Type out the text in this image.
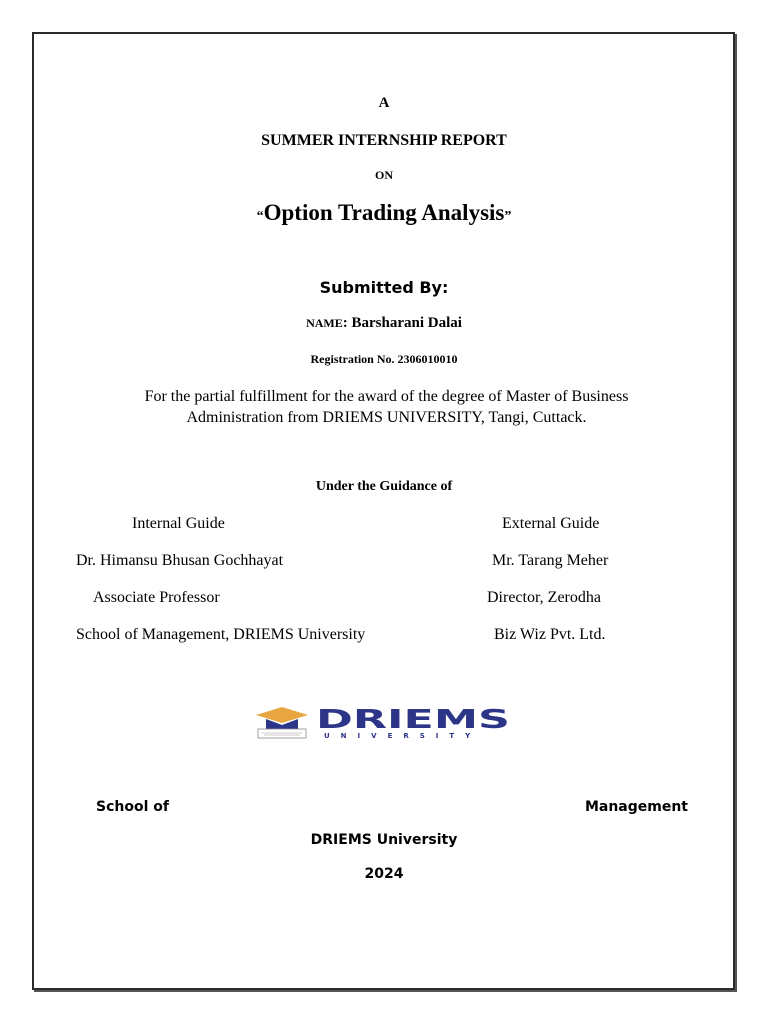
A
SUMMER INTERNSHIP REPORT
ON
“Option Trading Analysis”
Submitted By:
NAME: Barsharani Dalai
Registration No. 2306010010
For the partial fulfillment for the award of the degree of Master of Business Administration from DRIEMS UNIVERSITY, Tangi, Cuttack.
Under the Guidance of
Internal Guide
Dr. Himansu Bhusan Gochhayat
Associate Professor
School of Management, DRIEMS University
External Guide
Mr. Tarang Meher
Director, Zerodha
Biz Wiz Pvt. Ltd.
DRIEMS
UNIVERSITY
School of	Management
DRIEMS University
2024
